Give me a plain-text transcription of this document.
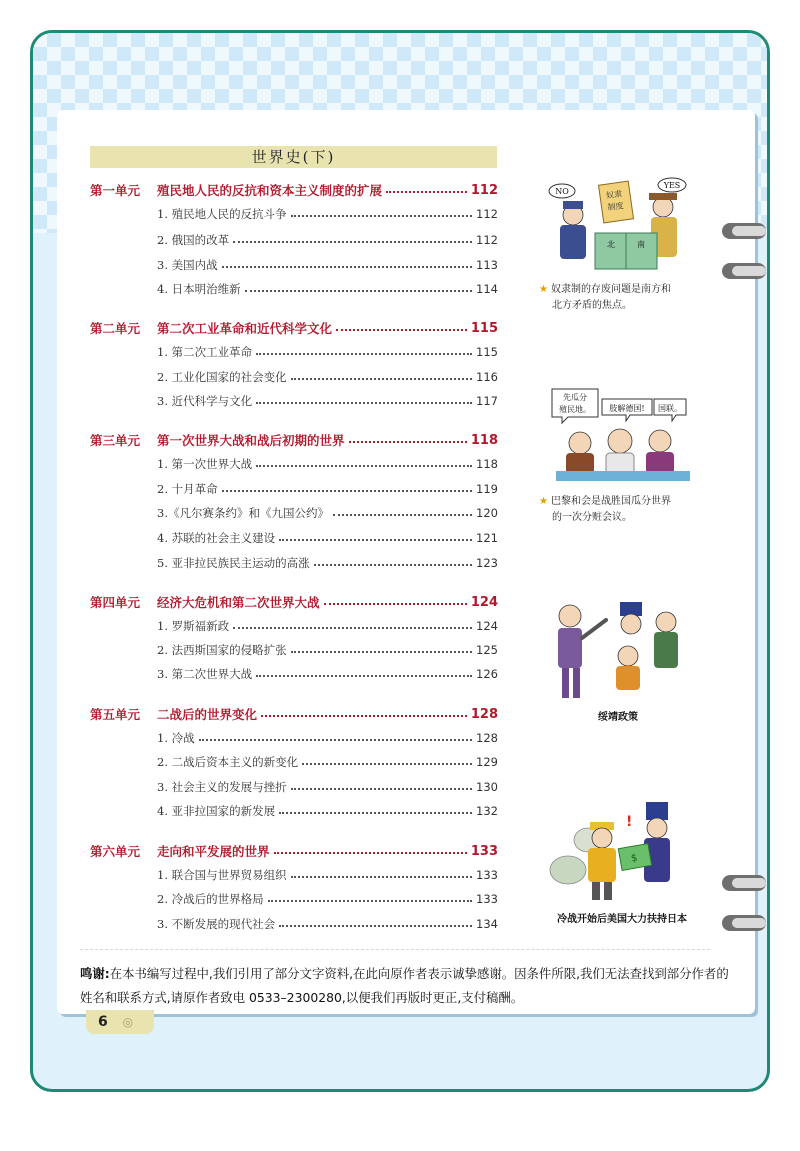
世界史(下)
第一单元	殖民地人民的反抗和资本主义制度的扩展	112
1. 殖民地人民的反抗斗争	112
2. 俄国的改革	112
3. 美国内战	113
4. 日本明治维新	114
第二单元	第二次工业革命和近代科学文化	115
1. 第二次工业革命	115
2. 工业化国家的社会变化	116
3. 近代科学与文化	117
第三单元	第一次世界大战和战后初期的世界	118
1. 第一次世界大战	118
2. 十月革命	119
3.《凡尔赛条约》和《九国公约》	120
4. 苏联的社会主义建设	121
5. 亚非拉民族民主运动的高涨	123
第四单元	经济大危机和第二次世界大战	124
1. 罗斯福新政	124
2. 法西斯国家的侵略扩张	125
3. 第二次世界大战	126
第五单元	二战后的世界变化	128
1. 冷战	128
2. 二战后资本主义的新变化	129
3. 社会主义的发展与挫折	130
4. 亚非拉国家的新发展	132
第六单元	走向和平发展的世界	133
1. 联合国与世界贸易组织	133
2. 冷战后的世界格局	133
3. 不断发展的现代社会	134
NO
YES
奴隶
制度
北	南
★ 奴隶制的存废问题是南方和
北方矛盾的焦点。
先瓜分
殖民地。 肢解德国! 国联。
★ 巴黎和会是战胜国瓜分世界
的一次分赃会议。
绥靖政策
$
!
冷战开始后美国大力扶持日本
鸣谢:在本书编写过程中,我们引用了部分文字资料,在此向原作者表示诚挚感谢。因条件所限,我们无法查找到部分作者的姓名和联系方式,请原作者致电 0533–2300280,以便我们再版时更正,支付稿酬。
6 ◎
